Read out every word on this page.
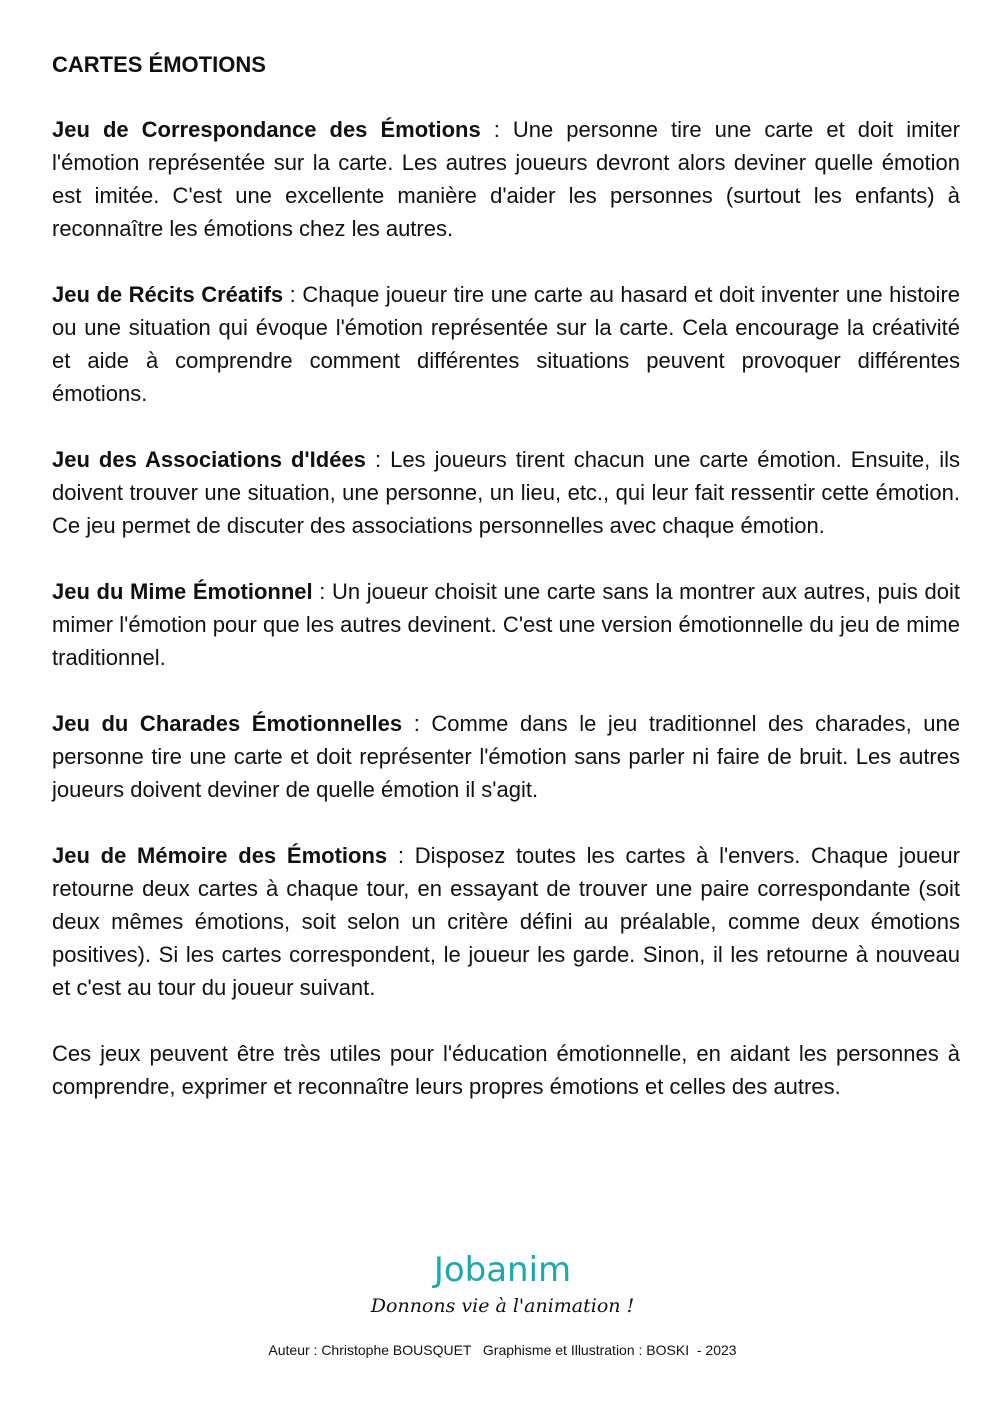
CARTES ÉMOTIONS

Jeu de Correspondance des Émotions : Une personne tire une carte et doit imiter l'émotion représentée sur la carte. Les autres joueurs devront alors deviner quelle émotion est imitée. C'est une excellente manière d'aider les personnes (surtout les enfants) à reconnaître les émotions chez les autres.

Jeu de Récits Créatifs : Chaque joueur tire une carte au hasard et doit inventer une histoire ou une situation qui évoque l'émotion représentée sur la carte. Cela encourage la créativité et aide à comprendre comment différentes situations peuvent provoquer différentes émotions.

Jeu des Associations d'Idées : Les joueurs tirent chacun une carte émotion. Ensuite, ils doivent trouver une situation, une personne, un lieu, etc., qui leur fait ressentir cette émotion. Ce jeu permet de discuter des associations personnelles avec chaque émotion.

Jeu du Mime Émotionnel : Un joueur choisit une carte sans la montrer aux autres, puis doit mimer l'émotion pour que les autres devinent. C'est une version émotionnelle du jeu de mime traditionnel.

Jeu du Charades Émotionnelles : Comme dans le jeu traditionnel des charades, une personne tire une carte et doit représenter l'émotion sans parler ni faire de bruit. Les autres joueurs doivent deviner de quelle émotion il s'agit.

Jeu de Mémoire des Émotions : Disposez toutes les cartes à l'envers. Chaque joueur retourne deux cartes à chaque tour, en essayant de trouver une paire correspondante (soit deux mêmes émotions, soit selon un critère défini au préalable, comme deux émotions positives). Si les cartes correspondent, le joueur les garde. Sinon, il les retourne à nouveau et c'est au tour du joueur suivant.

Ces jeux peuvent être très utiles pour l'éducation émotionnelle, en aidant les personnes à comprendre, exprimer et reconnaître leurs propres émotions et celles des autres.

Jobanim
Donnons vie à l'animation !
Auteur : Christophe BOUSQUET   Graphisme et Illustration : BOSKI  - 2023
